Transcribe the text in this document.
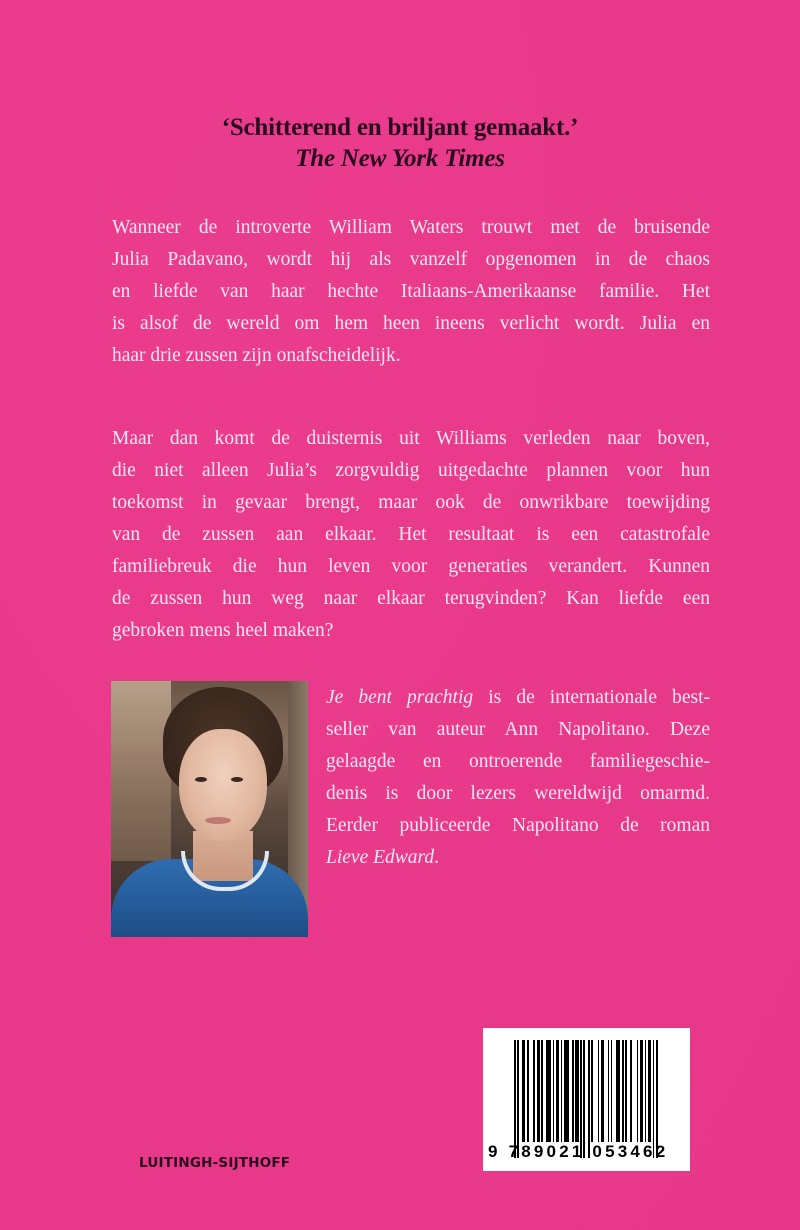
‘Schitterend en briljant gemaakt.’
The New York Times
Wanneer de introverte William Waters trouwt met de bruisende
Julia Padavano, wordt hij als vanzelf opgenomen in de chaos
en liefde van haar hechte Italiaans-Amerikaanse familie. Het
is alsof de wereld om hem heen ineens verlicht wordt. Julia en
haar drie zussen zijn onafscheidelijk.
Maar dan komt de duisternis uit Williams verleden naar boven,
die niet alleen Julia’s zorgvuldig uitgedachte plannen voor hun
toekomst in gevaar brengt, maar ook de onwrikbare toewijding
van de zussen aan elkaar. Het resultaat is een catastrofale
familiebreuk die hun leven voor generaties verandert. Kunnen
de zussen hun weg naar elkaar terugvinden? Kan liefde een
gebroken mens heel maken?
Je bent prachtig is de internationale best-
seller van auteur Ann Napolitano. Deze
gelaagde en ontroerende familiegeschie-
denis is door lezers wereldwijd omarmd.
Eerder publiceerde Napolitano de roman
Lieve Edward.
9 789021 053462
LUITINGH-SIJTHOFF
